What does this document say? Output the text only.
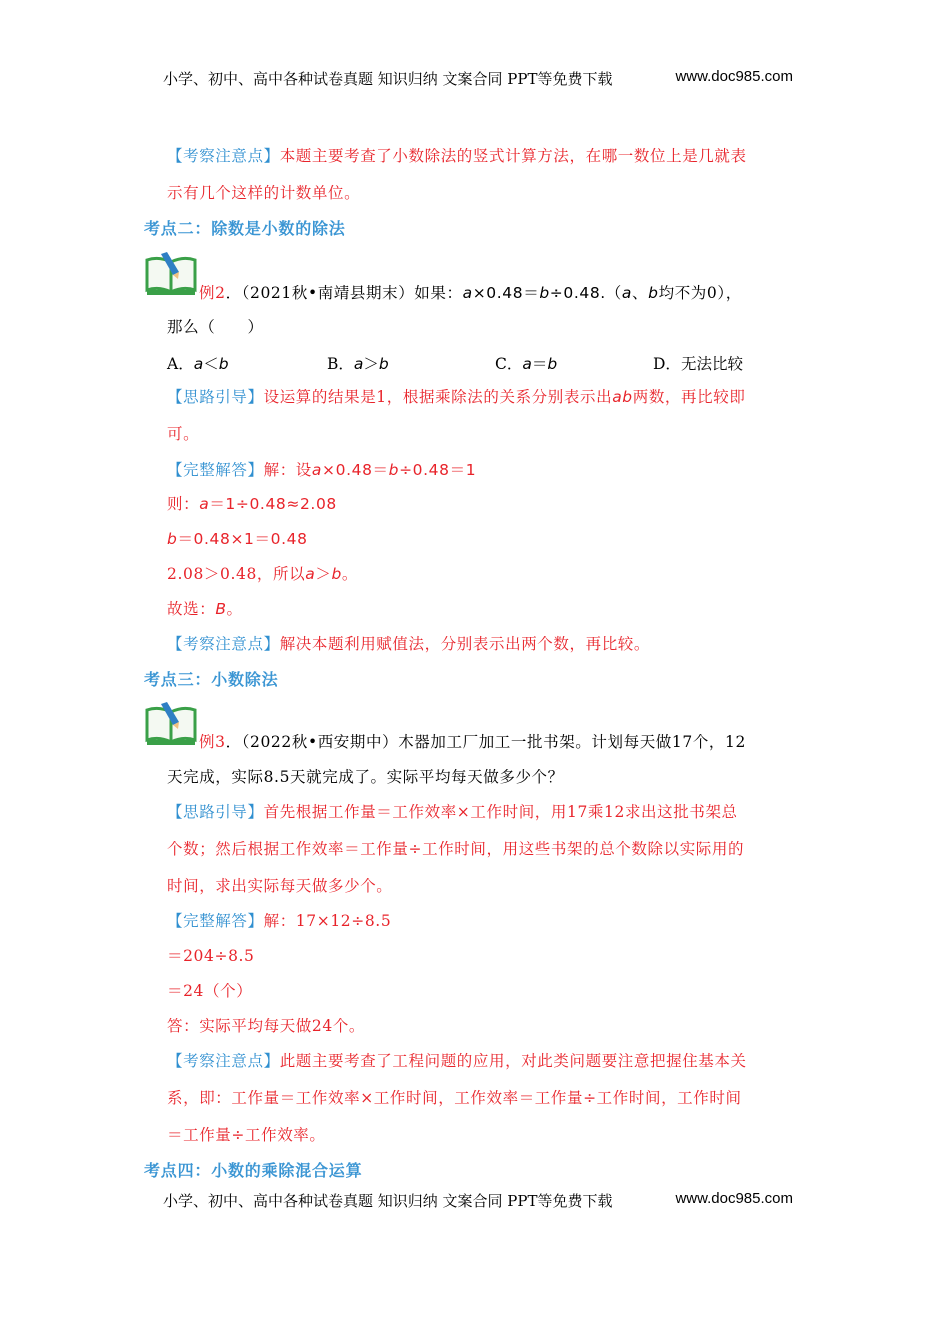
小学、初中、高中各种试卷真题 知识归纳 文案合同 PPT等免费下载	www.doc985.com
【考察注意点】本题主要考查了小数除法的竖式计算方法，在哪一数位上是几就表
示有几个这样的计数单位。
考点二：除数是小数的除法
例2．（2021秋•南靖县期末）如果：a×0.48＝b÷0.48.（a、b均不为0），
那么（　　）
A．a＜b	B．a＞b	C．a＝b	D．无法比较
【思路引导】设运算的结果是1，根据乘除法的关系分别表示出ab两数，再比较即
可。
【完整解答】解：设a×0.48＝b÷0.48＝1
则：a＝1÷0.48≈2.08
b＝0.48×1＝0.48
2.08＞0.48，所以a＞b。
故选：B。
【考察注意点】解决本题利用赋值法，分别表示出两个数，再比较。
考点三：小数除法
例3．（2022秋•西安期中）木器加工厂加工一批书架。计划每天做17个，12
天完成，实际8.5天就完成了。实际平均每天做多少个？
【思路引导】首先根据工作量＝工作效率×工作时间，用17乘12求出这批书架总
个数；然后根据工作效率＝工作量÷工作时间，用这些书架的总个数除以实际用的
时间，求出实际每天做多少个。
【完整解答】解：17×12÷8.5
＝204÷8.5
＝24（个）
答：实际平均每天做24个。
【考察注意点】此题主要考查了工程问题的应用，对此类问题要注意把握住基本关
系，即：工作量＝工作效率×工作时间，工作效率＝工作量÷工作时间，工作时间
＝工作量÷工作效率。
考点四：小数的乘除混合运算
小学、初中、高中各种试卷真题 知识归纳 文案合同 PPT等免费下载	www.doc985.com
